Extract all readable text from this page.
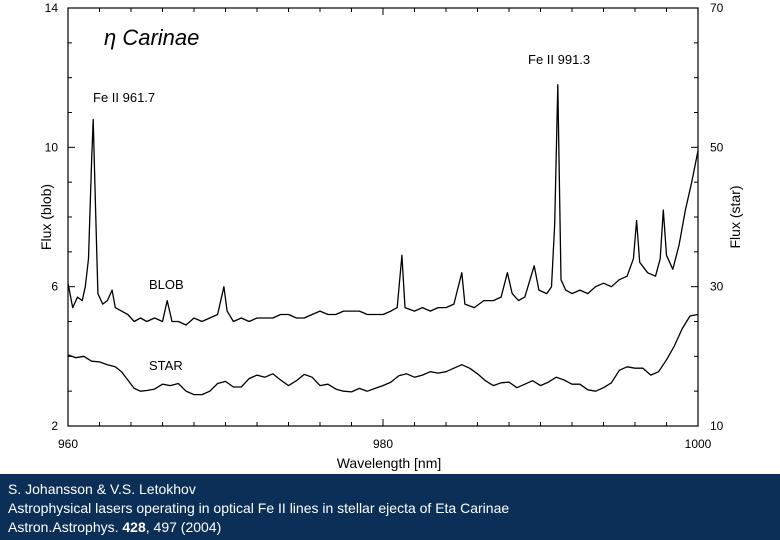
960	980	1000
2
6
10
14
10
30
50
70
η Carinae
Fe II 961.7
Fe II 991.3
BLOB
STAR
Wavelength [nm]
Flux (blob)	Flux (star)
S. Johansson & V.S. Letokhov
Astrophysical lasers operating in optical Fe II lines in stellar ejecta of Eta Carinae
Astron.Astrophys. 428, 497 (2004)
